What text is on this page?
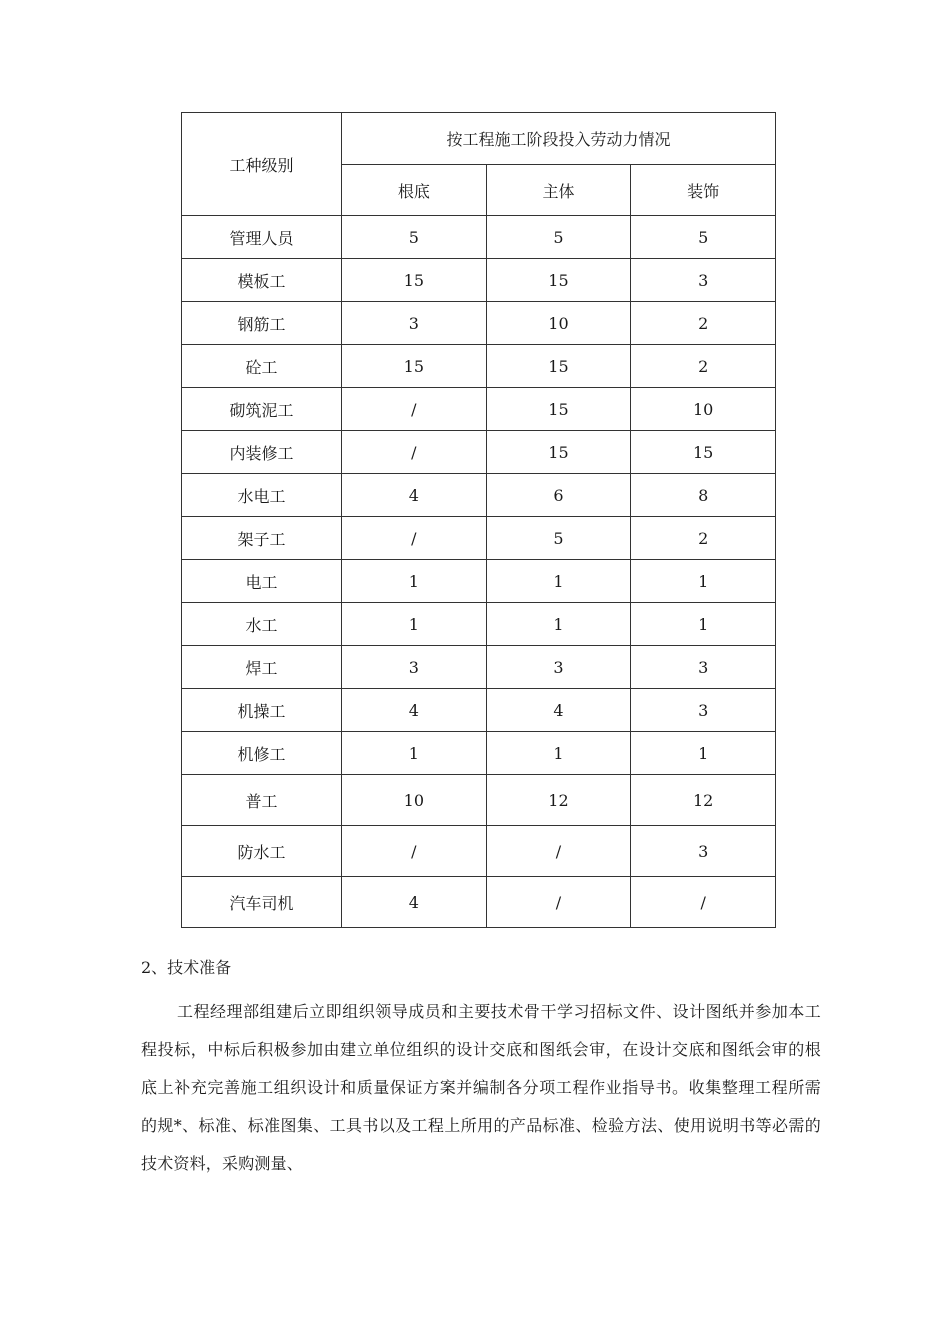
工种级别	按工程施工阶段投入劳动力情况		
	根底	主体	装饰
管理人员	5	5	5
模板工	15	15	3
钢筋工	3	10	2
砼工	15	15	2
砌筑泥工	/	15	10
内装修工	/	15	15
水电工	4	6	8
架子工	/	5	2
电工	1	1	1
水工	1	1	1
焊工	3	3	3
机操工	4	4	3
机修工	1	1	1
普工	10	12	12
防水工	/	/	3
汽车司机	4	/	/

2、技术准备

工程经理部组建后立即组织领导成员和主要技术骨干学习招标文件、设计图纸并参加本工程投标，中标后积极参加由建立单位组织的设计交底和图纸会审，在设计交底和图纸会审的根底上补充完善施工组织设计和质量保证方案并编制各分项工程作业指导书。收集整理工程所需的规*、标准、标准图集、工具书以及工程上所用的产品标准、检验方法、使用说明书等必需的技术资料，采购测量、
